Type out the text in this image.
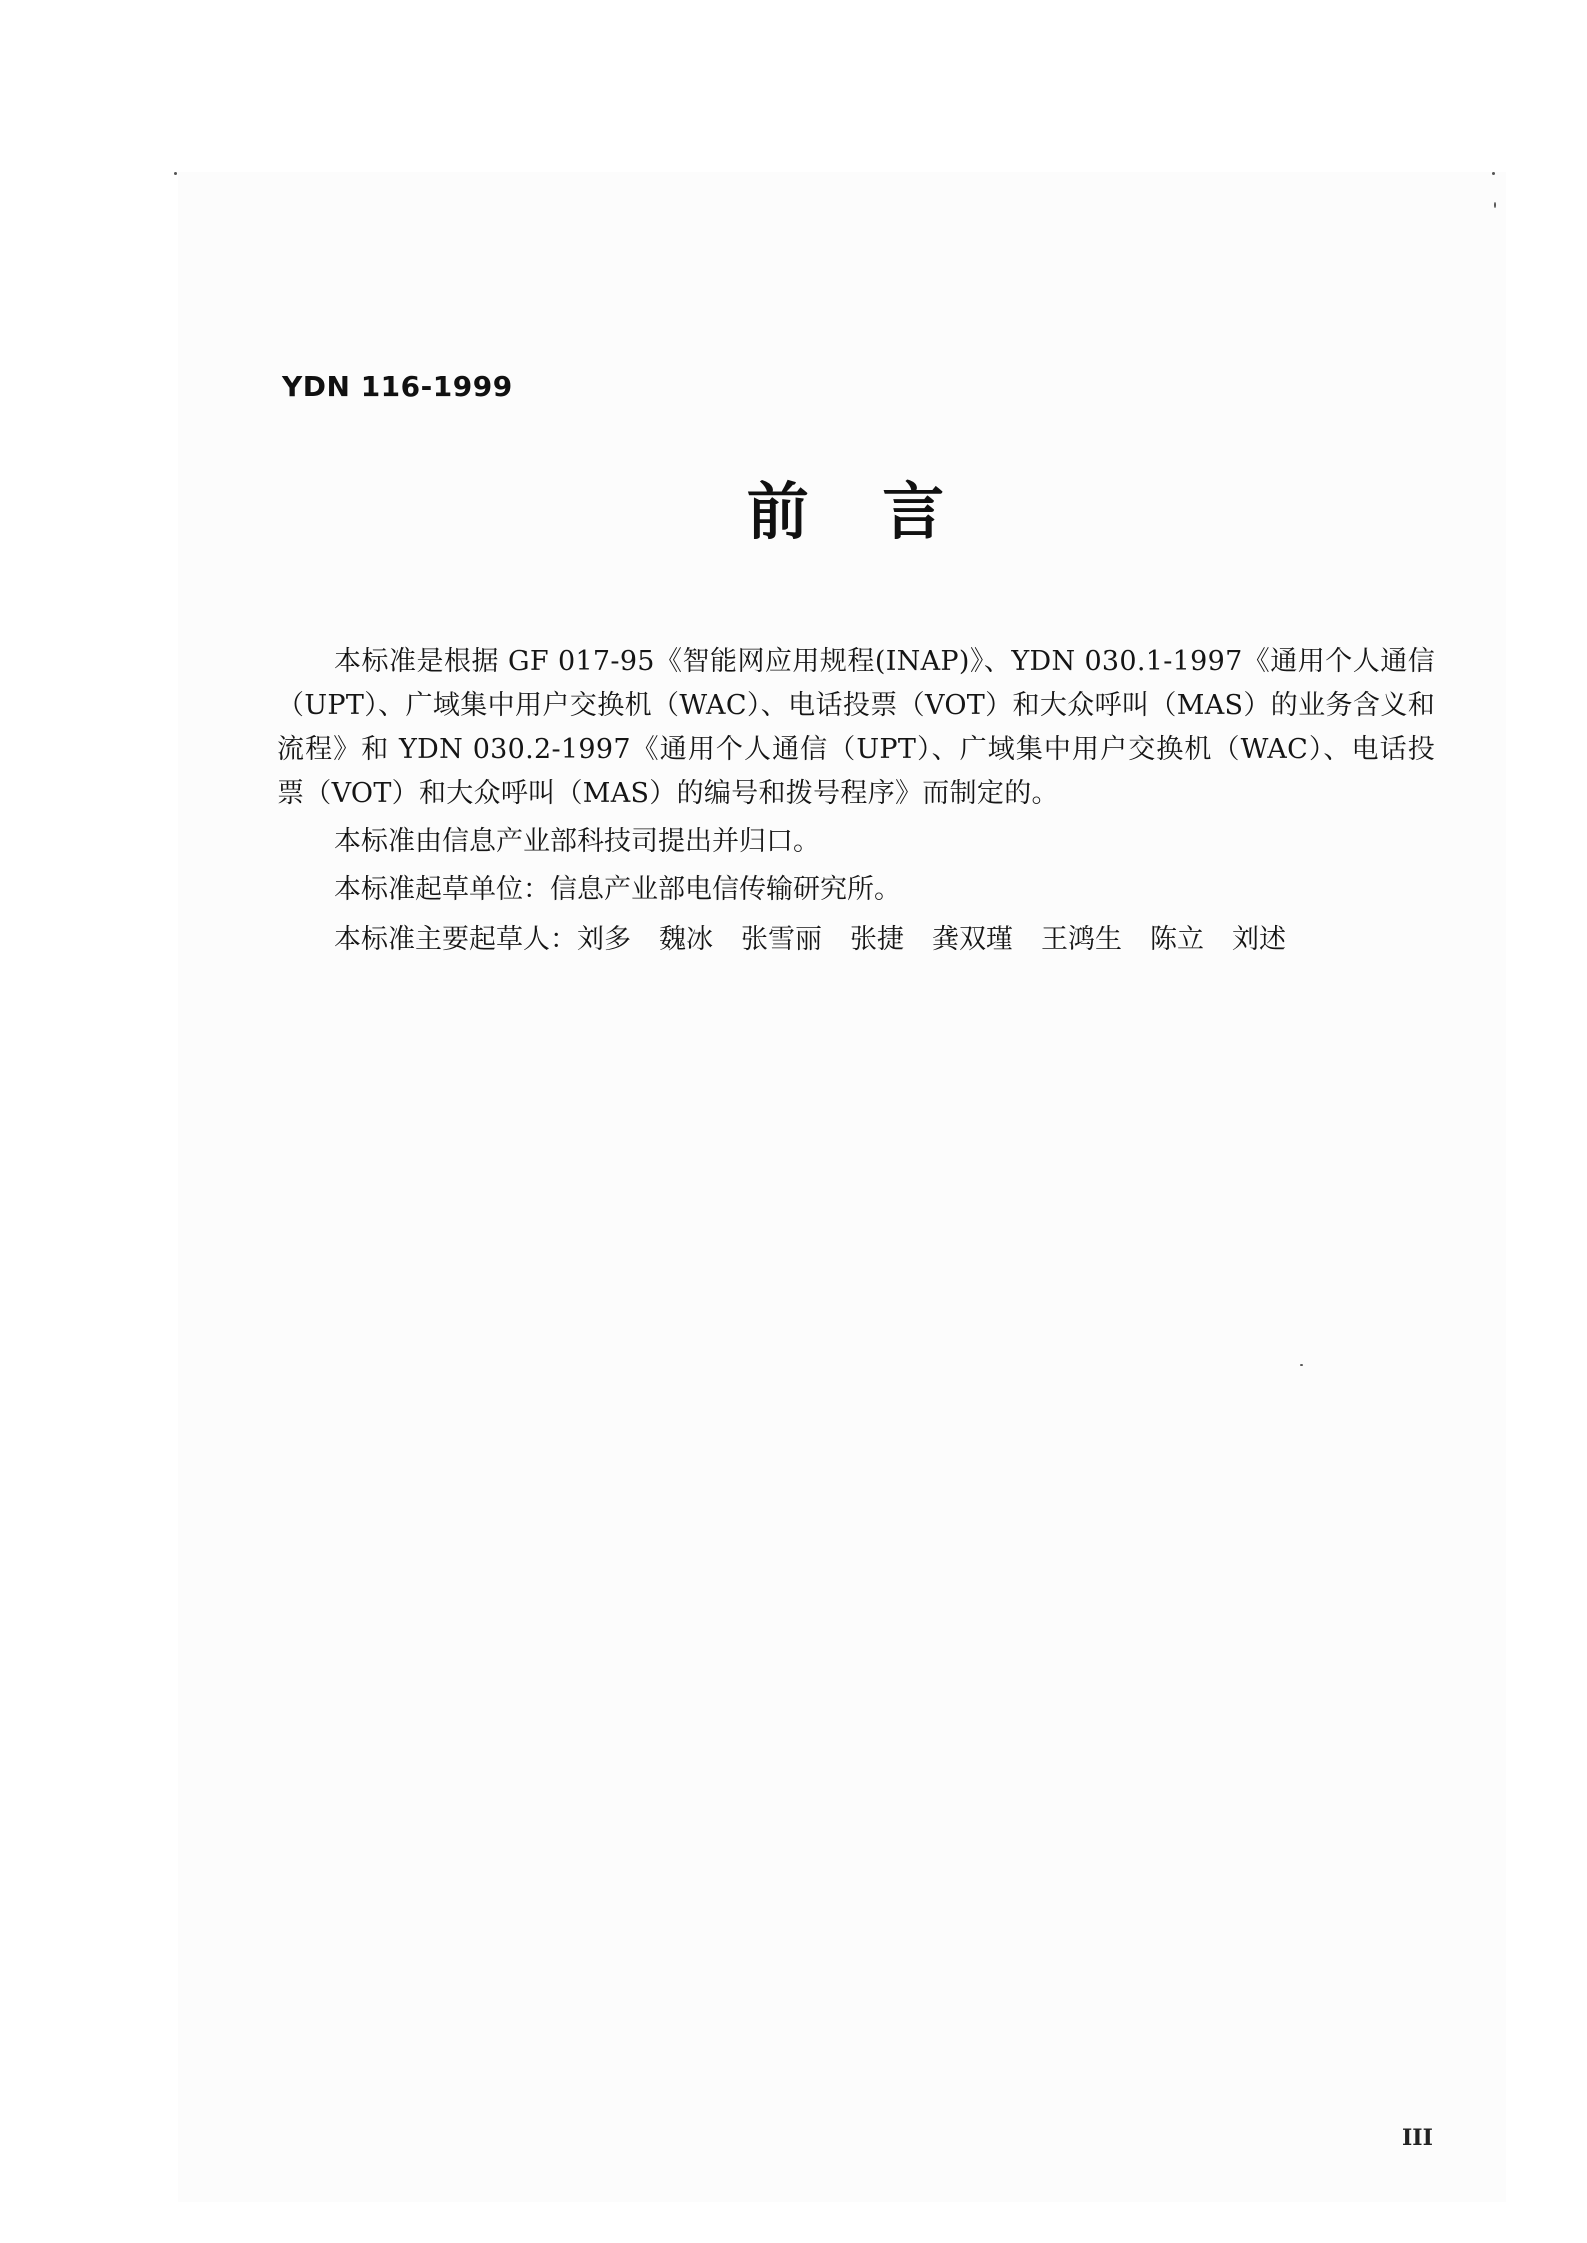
YDN 116-1999
前 言

本标准是根据 GF 017-95《智能网应用规程(INAP)》、YDN 030.1-1997《通用个人通信（UPT）、广域集中用户交换机（WAC）、电话投票（VOT）和大众呼叫（MAS）的业务含义和流程》和 YDN 030.2-1997《通用个人通信（UPT）、广域集中用户交换机（WAC）、电话投票（VOT）和大众呼叫（MAS）的编号和拨号程序》而制定的。

本标准由信息产业部科技司提出并归口。

本标准起草单位：信息产业部电信传输研究所。

本标准主要起草人：刘多 魏冰 张雪丽 张捷 龚双瑾 王鸿生 陈立 刘述

III
